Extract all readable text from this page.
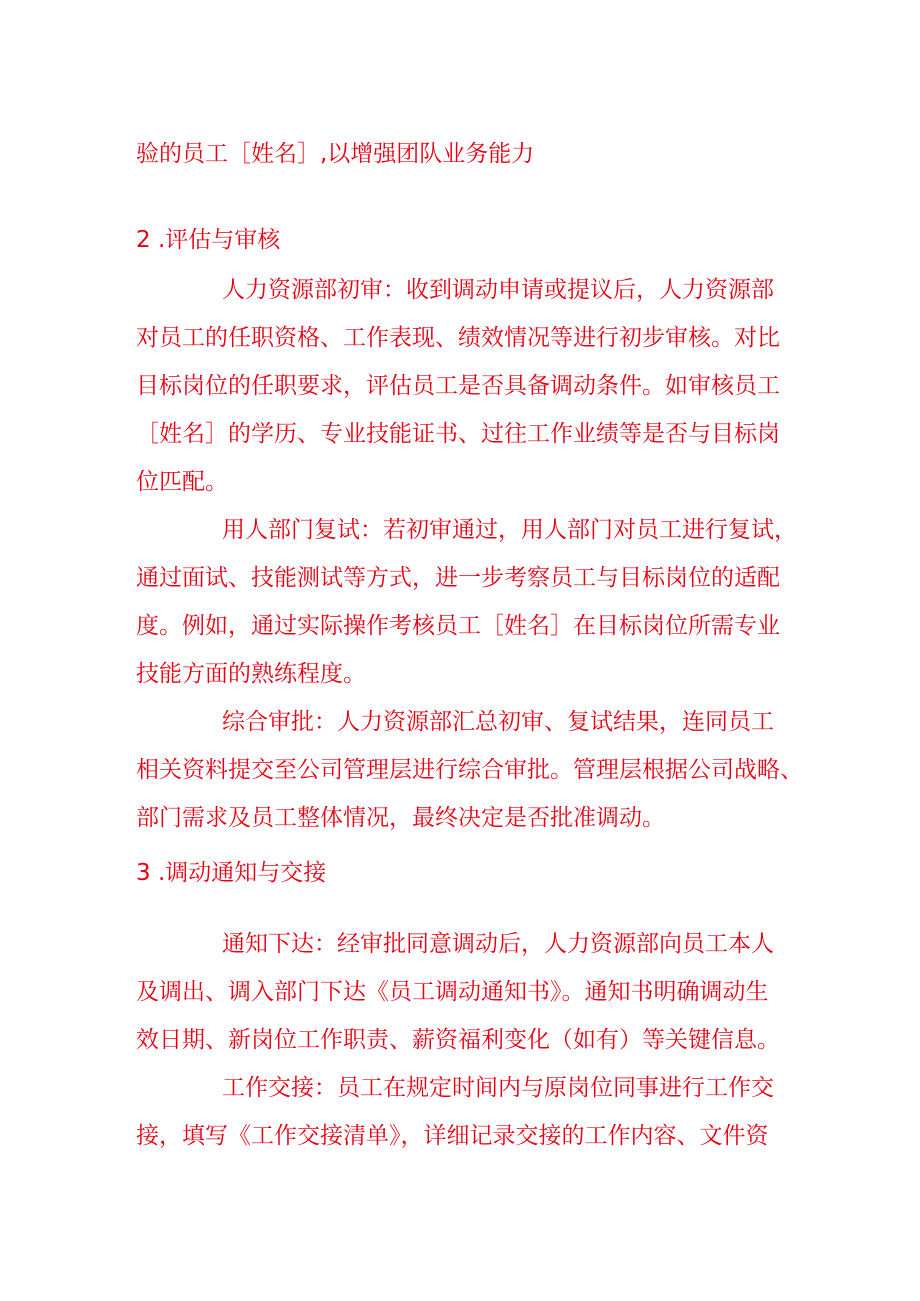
验的员工［姓名］,以增强团队业务能力
2 .评估与审核
人力资源部初审：收到调动申请或提议后，人力资源部
对员工的任职资格、工作表现、绩效情况等进行初步审核。对比
目标岗位的任职要求，评估员工是否具备调动条件。如审核员工
［姓名］的学历、专业技能证书、过往工作业绩等是否与目标岗
位匹配。
用人部门复试：若初审通过，用人部门对员工进行复试，
通过面试、技能测试等方式，进一步考察员工与目标岗位的适配
度。例如，通过实际操作考核员工［姓名］在目标岗位所需专业
技能方面的熟练程度。
综合审批：人力资源部汇总初审、复试结果，连同员工
相关资料提交至公司管理层进行综合审批。管理层根据公司战略、
部门需求及员工整体情况，最终决定是否批准调动。
3 .调动通知与交接
通知下达：经审批同意调动后，人力资源部向员工本人
及调出、调入部门下达《员工调动通知书》。通知书明确调动生
效日期、新岗位工作职责、薪资福利变化（如有）等关键信息。
工作交接：员工在规定时间内与原岗位同事进行工作交
接，填写《工作交接清单》，详细记录交接的工作内容、文件资
